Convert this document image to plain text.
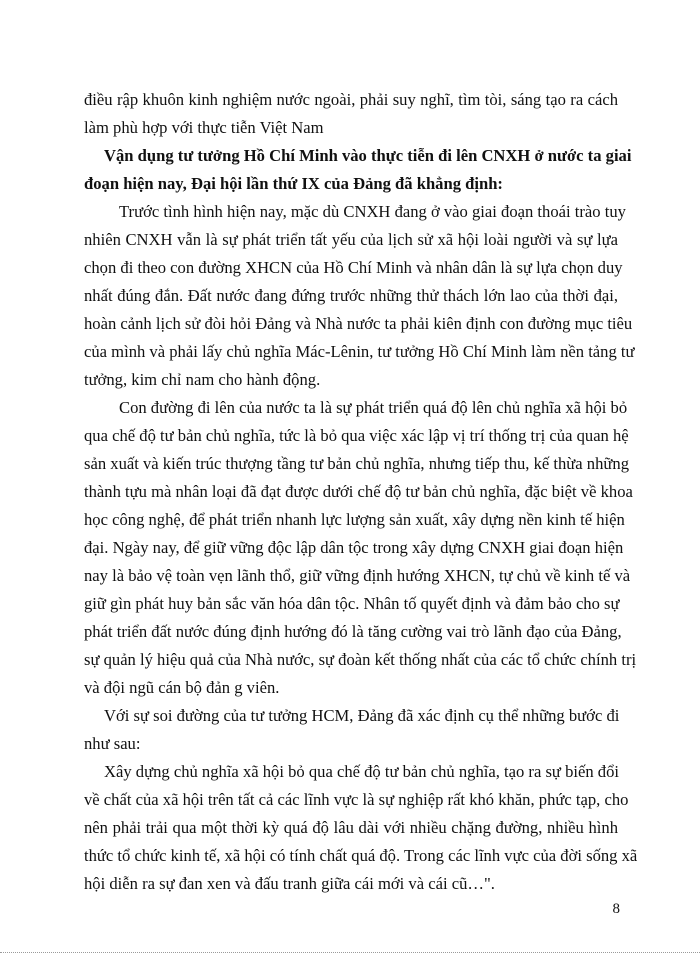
điều rập khuôn kinh nghiệm nước ngoài, phải suy nghĩ, tìm tòi, sáng tạo ra cách
làm phù hợp với thực tiễn Việt Nam
Vận dụng tư tưởng Hồ Chí Minh vào thực tiễn đi lên CNXH ở nước ta giai
đoạn hiện nay, Đại hội lần thứ IX của Đảng đã khẳng định:
Trước tình hình hiện nay, mặc dù CNXH đang ở vào giai đoạn thoái trào tuy
nhiên CNXH vẫn là sự phát triển tất yếu của lịch sử xã hội loài người và sự lựa
chọn đi theo con đường XHCN của Hồ Chí Minh và nhân dân là sự lựa chọn duy
nhất đúng đắn. Đất nước đang đứng trước những thử thách lớn lao của thời đại,
hoàn cảnh lịch sử đòi hỏi Đảng và Nhà nước ta phải kiên định con đường mục tiêu
của mình và phải lấy chủ nghĩa Mác-Lênin, tư tưởng Hồ Chí Minh làm nền tảng tư
tưởng, kim chỉ nam cho hành động.
Con đường đi lên của nước ta là sự phát triển quá độ lên chủ nghĩa xã hội bỏ
qua chế độ tư bản chủ nghĩa, tức là bỏ qua việc xác lập vị trí thống trị của quan hệ
sản xuất và kiến trúc thượng tầng tư bản chủ nghĩa, nhưng tiếp thu, kế thừa những
thành tựu mà nhân loại đã đạt được dưới chế độ tư bản chủ nghĩa, đặc biệt về khoa
học công nghệ, để phát triển nhanh lực lượng sản xuất, xây dựng nền kinh tế hiện
đại. Ngày nay, để giữ vững độc lập dân tộc trong xây dựng CNXH giai đoạn hiện
nay là bảo vệ toàn vẹn lãnh thổ, giữ vững định hướng XHCN, tự chủ về kinh tế và
giữ gìn phát huy bản sắc văn hóa dân tộc. Nhân tố quyết định và đảm bảo cho sự
phát triển đất nước đúng định hướng đó là tăng cường vai trò lãnh đạo của Đảng,
sự quản lý hiệu quả của Nhà nước, sự đoàn kết thống nhất của các tổ chức chính trị
và đội ngũ cán bộ đản g viên.
Với sự soi đường của tư tưởng HCM, Đảng đã xác định cụ thể những bước đi
như sau:
Xây dựng chủ nghĩa xã hội bỏ qua chế độ tư bản chủ nghĩa, tạo ra sự biến đổi
về chất của xã hội trên tất cả các lĩnh vực là sự nghiệp rất khó khăn, phức tạp, cho
nên phải trải qua một thời kỳ quá độ lâu dài với nhiều chặng đường, nhiều hình
thức tổ chức kinh tế, xã hội có tính chất quá độ. Trong các lĩnh vực của đời sống xã
hội diễn ra sự đan xen và đấu tranh giữa cái mới và cái cũ…".
8
